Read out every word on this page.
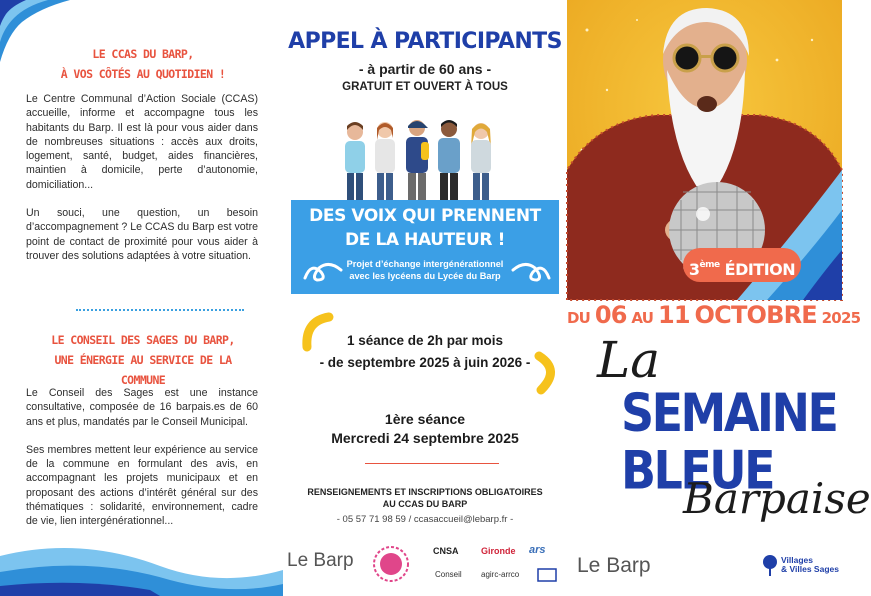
LE CCAS DU BARP,
À VOS CÔTÉS AU QUOTIDIEN !

Le Centre Communal d’Action Sociale (CCAS) accueille, informe et accompagne tous les habitants du Barp. Il est là pour vous aider dans de nombreuses situations : accès aux droits, logement, santé, budget, aides financières, maintien à domicile, perte d’autonomie, domiciliation...

Un souci, une question, un besoin d’accompagnement ? Le CCAS du Barp est votre point de contact de proximité pour vous aider à trouver des solutions adaptées à votre situation.

LE CONSEIL DES SAGES DU BARP,
UNE ÉNERGIE AU SERVICE DE LA COMMUNE

Le Conseil des Sages est une instance consultative, composée de 16 barpais.es de 60 ans et plus, mandatés par le Conseil Municipal.

Ses membres mettent leur expérience au service de la commune en formulant des avis, en accompagnant les projets municipaux et en proposant des actions d’intérêt général sur des thématiques : solidarité, environnement, cadre de vie, lien intergénérationnel...

APPEL À PARTICIPANTS
- à partir de 60 ans -
GRATUIT ET OUVERT À TOUS
DES VOIX QUI PRENNENT
DE LA HAUTEUR !
Projet d’échange intergénérationnel
avec les lycéens du Lycée du Barp
1 séance de 2h par mois
- de septembre 2025 à juin 2026 -
1ère séance
Mercredi 24 septembre 2025
RENSEIGNEMENTS ET INSCRIPTIONS OBLIGATOIRES
AU CCAS DU BARP
- 05 57 71 98 59 / ccasaccueil@lebarp.fr -
Le Barp	CNSA Gironde ars
Conseil agirc-arrco
3ème ÉDITION
DU 06 AU 11 OCTOBRE 2025
La
SEMAINE
BLEUE
Barpaise
Le Barp	Villages
& Villes Sages
